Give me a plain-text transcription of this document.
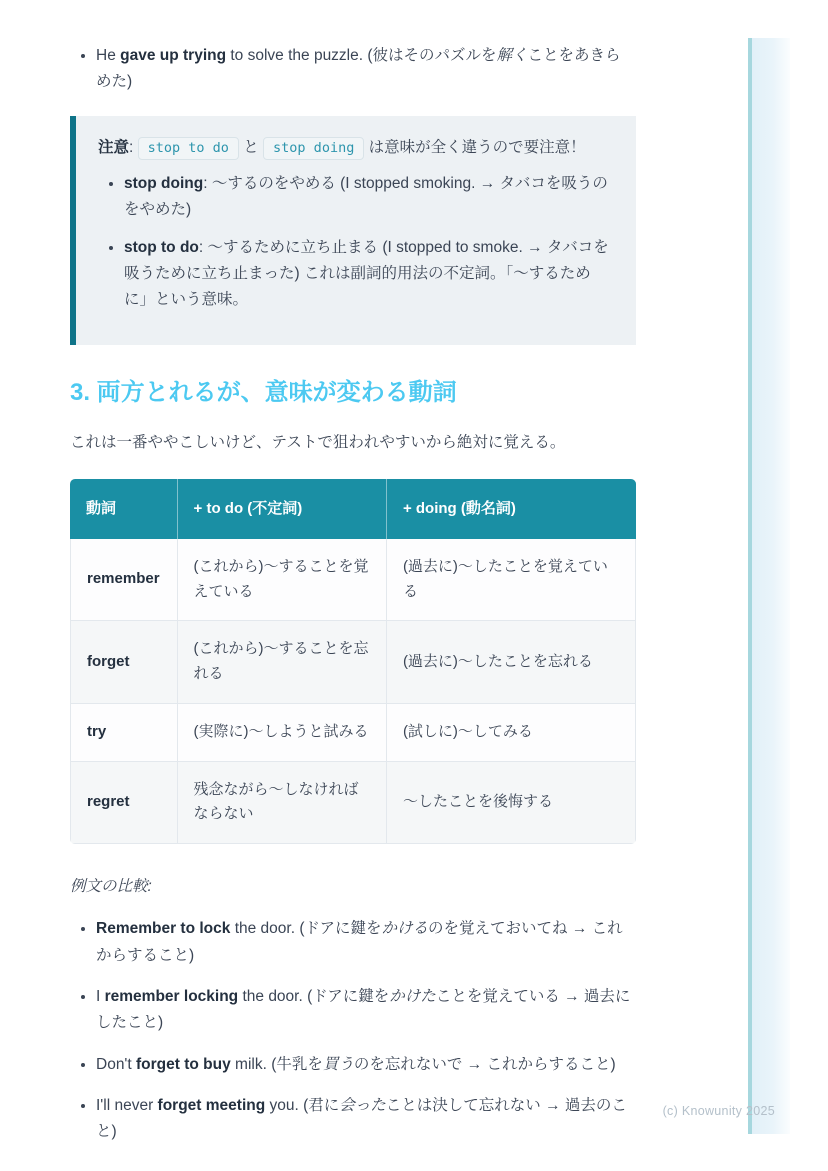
• He gave up trying to solve the puzzle. (彼はそのパズルを解くことをあきらめた)
注意: stop to do と stop doing は意味が全く違うので要注意！
• stop doing: 〜するのをやめる (I stopped smoking. → タバコを吸うのをやめた)
• stop to do: 〜するために立ち止まる (I stopped to smoke. → タバコを吸うために立ち止まった) これは副詞的用法の不定詞。「〜するために」という意味。
3. 両方とれるが、意味が変わる動詞

これは一番ややこしいけど、テストで狙われやすいから絶対に覚える。

動詞	+ to do (不定詞)	+ doing (動名詞)
remember	(これから)〜することを覚えている	(過去に)〜したことを覚えている
forget	(これから)〜することを忘れる	(過去に)〜したことを忘れる
try	(実際に)〜しようと試みる	(試しに)〜してみる
regret	残念ながら〜しなければならない	〜したことを後悔する

例文の比較:

• Remember to lock the door. (ドアに鍵をかけるのを覚えておいてね → これからすること)
• I remember locking the door. (ドアに鍵をかけたことを覚えている → 過去にしたこと)
• Don't forget to buy milk. (牛乳を買うのを忘れないで → これからすること)
• I'll never forget meeting you. (君に会ったことは決して忘れない → 過去のこと)
(c) Knowunity 2025
